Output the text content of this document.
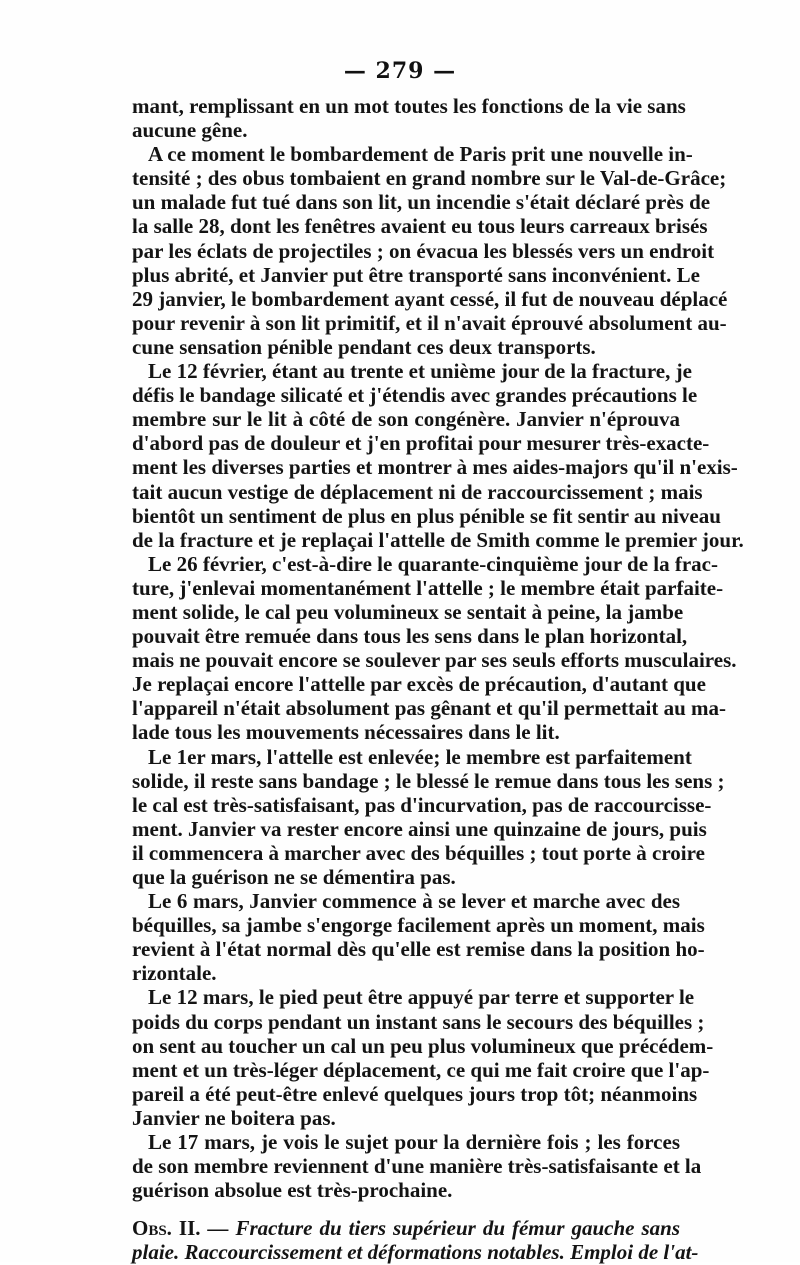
— 279 —
mant, remplissant en un mot toutes les fonctions de la vie sans
aucune gêne.
A ce moment le bombardement de Paris prit une nouvelle in-
tensité ; des obus tombaient en grand nombre sur le Val-de-Grâce;
un malade fut tué dans son lit, un incendie s'était déclaré près de
la salle 28, dont les fenêtres avaient eu tous leurs carreaux brisés
par les éclats de projectiles ; on évacua les blessés vers un endroit
plus abrité, et Janvier put être transporté sans inconvénient. Le
29 janvier, le bombardement ayant cessé, il fut de nouveau déplacé
pour revenir à son lit primitif, et il n'avait éprouvé absolument au-
cune sensation pénible pendant ces deux transports.
Le 12 février, étant au trente et unième jour de la fracture, je
défis le bandage silicaté et j'étendis avec grandes précautions le
membre sur le lit à côté de son congénère. Janvier n'éprouva
d'abord pas de douleur et j'en profitai pour mesurer très-exacte-
ment les diverses parties et montrer à mes aides-majors qu'il n'exis-
tait aucun vestige de déplacement ni de raccourcissement ; mais
bientôt un sentiment de plus en plus pénible se fit sentir au niveau
de la fracture et je replaçai l'attelle de Smith comme le premier jour.
Le 26 février, c'est-à-dire le quarante-cinquième jour de la frac-
ture, j'enlevai momentanément l'attelle ; le membre était parfaite-
ment solide, le cal peu volumineux se sentait à peine, la jambe
pouvait être remuée dans tous les sens dans le plan horizontal,
mais ne pouvait encore se soulever par ses seuls efforts musculaires.
Je replaçai encore l'attelle par excès de précaution, d'autant que
l'appareil n'était absolument pas gênant et qu'il permettait au ma-
lade tous les mouvements nécessaires dans le lit.
Le 1er mars, l'attelle est enlevée; le membre est parfaitement
solide, il reste sans bandage ; le blessé le remue dans tous les sens ;
le cal est très-satisfaisant, pas d'incurvation, pas de raccourcisse-
ment. Janvier va rester encore ainsi une quinzaine de jours, puis
il commencera à marcher avec des béquilles ; tout porte à croire
que la guérison ne se démentira pas.
Le 6 mars, Janvier commence à se lever et marche avec des
béquilles, sa jambe s'engorge facilement après un moment, mais
revient à l'état normal dès qu'elle est remise dans la position ho-
rizontale.
Le 12 mars, le pied peut être appuyé par terre et supporter le
poids du corps pendant un instant sans le secours des béquilles ;
on sent au toucher un cal un peu plus volumineux que précédem-
ment et un très-léger déplacement, ce qui me fait croire que l'ap-
pareil a été peut-être enlevé quelques jours trop tôt; néanmoins
Janvier ne boitera pas.
Le 17 mars, je vois le sujet pour la dernière fois ; les forces
de son membre reviennent d'une manière très-satisfaisante et la
guérison absolue est très-prochaine.
Obs. II. — Fracture du tiers supérieur du fémur gauche sans
plaie. Raccourcissement et déformations notables. Emploi de l'at-
